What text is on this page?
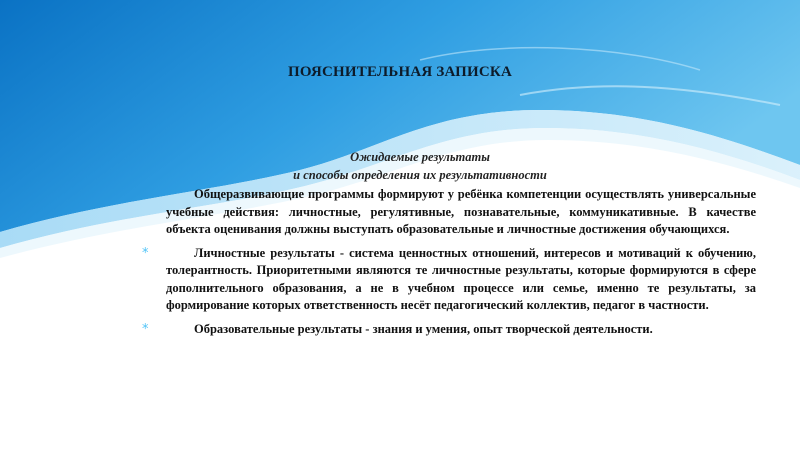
ПОЯСНИТЕЛЬНАЯ ЗАПИСКА
Ожидаемые результаты
и способы определения их результативности

Общеразвивающие программы формируют у ребёнка компетенции осуществлять универсальные учебные действия: личностные, регулятивные, познавательные, коммуникативные. В качестве объекта оценивания должны выступать образовательные и личностные достижения обучающихся.

*	Личностные результаты - система ценностных отношений, интересов и мотиваций к обучению, толерантность. Приоритетными являются те личностные результаты, которые формируются в сфере дополнительного образования, а не в учебном процессе или семье, именно те результаты, за формирование которых ответственность несёт педагогический коллектив, педагог в частности.
*	Образовательные результаты - знания и умения, опыт творческой деятельности.
